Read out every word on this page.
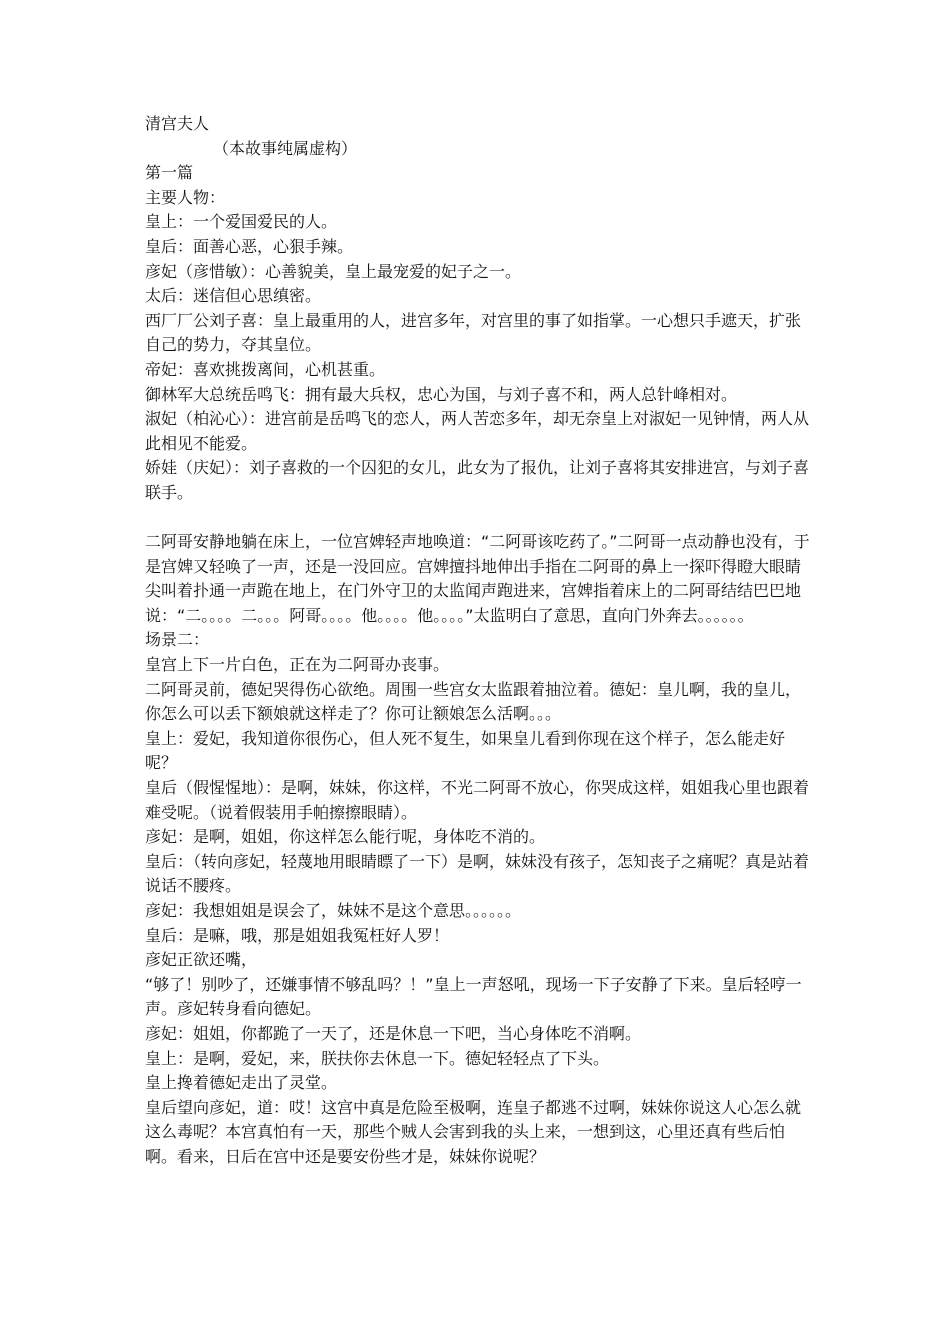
清宫夫人

（本故事纯属虚构）

第一篇

主要人物：

皇上：一个爱国爱民的人。

皇后：面善心恶，心狠手辣。

彦妃（彦惜敏）：心善貌美，皇上最宠爱的妃子之一。

太后：迷信但心思缜密。

西厂厂公刘子喜：皇上最重用的人，进宫多年，对宫里的事了如指掌。一心想只手遮天，扩张自己的势力，夺其皇位。

帝妃：喜欢挑拨离间，心机甚重。

御林军大总统岳鸣飞：拥有最大兵权，忠心为国，与刘子喜不和，两人总针峰相对。

淑妃（柏沁心）：进宫前是岳鸣飞的恋人，两人苦恋多年，却无奈皇上对淑妃一见钟情，两人从此相见不能爱。

娇娃（庆妃）：刘子喜救的一个囚犯的女儿，此女为了报仇，让刘子喜将其安排进宫，与刘子喜联手。

二阿哥安静地躺在床上，一位宫婢轻声地唤道：“二阿哥该吃药了。”二阿哥一点动静也没有，于是宫婢又轻唤了一声，还是一没回应。宫婢擅抖地伸出手指在二阿哥的鼻上一探吓得瞪大眼睛尖叫着扑通一声跪在地上，在门外守卫的太监闻声跑进来，宫婢指着床上的二阿哥结结巴巴地说：“二。。。。二。。。阿哥。。。。他。。。。他。。。。”太监明白了意思，直向门外奔去。。。。。。

场景二：

皇宫上下一片白色，正在为二阿哥办丧事。

二阿哥灵前，德妃哭得伤心欲绝。周围一些宫女太监跟着抽泣着。德妃：皇儿啊，我的皇儿，你怎么可以丢下额娘就这样走了？你可让额娘怎么活啊。。。

皇上：爱妃，我知道你很伤心，但人死不复生，如果皇儿看到你现在这个样子，怎么能走好呢？

皇后（假惺惺地）：是啊，妹妹，你这样，不光二阿哥不放心，你哭成这样，姐姐我心里也跟着难受呢。（说着假装用手帕擦擦眼睛）。

彦妃：是啊，姐姐，你这样怎么能行呢，身体吃不消的。

皇后：（转向彦妃，轻蔑地用眼睛瞟了一下）是啊，妹妹没有孩子，怎知丧子之痛呢？真是站着说话不腰疼。

彦妃：我想姐姐是误会了，妹妹不是这个意思。。。。。。

皇后：是嘛，哦，那是姐姐我冤枉好人罗！

彦妃正欲还嘴，

“够了！别吵了，还嫌事情不够乱吗？！”皇上一声怒吼，现场一下子安静了下来。皇后轻哼一声。彦妃转身看向德妃。

彦妃：姐姐，你都跪了一天了，还是休息一下吧，当心身体吃不消啊。

皇上：是啊，爱妃，来，朕扶你去休息一下。德妃轻轻点了下头。

皇上搀着德妃走出了灵堂。

皇后望向彦妃，道：哎！这宫中真是危险至极啊，连皇子都逃不过啊，妹妹你说这人心怎么就这么毒呢？本宫真怕有一天，那些个贼人会害到我的头上来，一想到这，心里还真有些后怕啊。看来，日后在宫中还是要安份些才是，妹妹你说呢？
